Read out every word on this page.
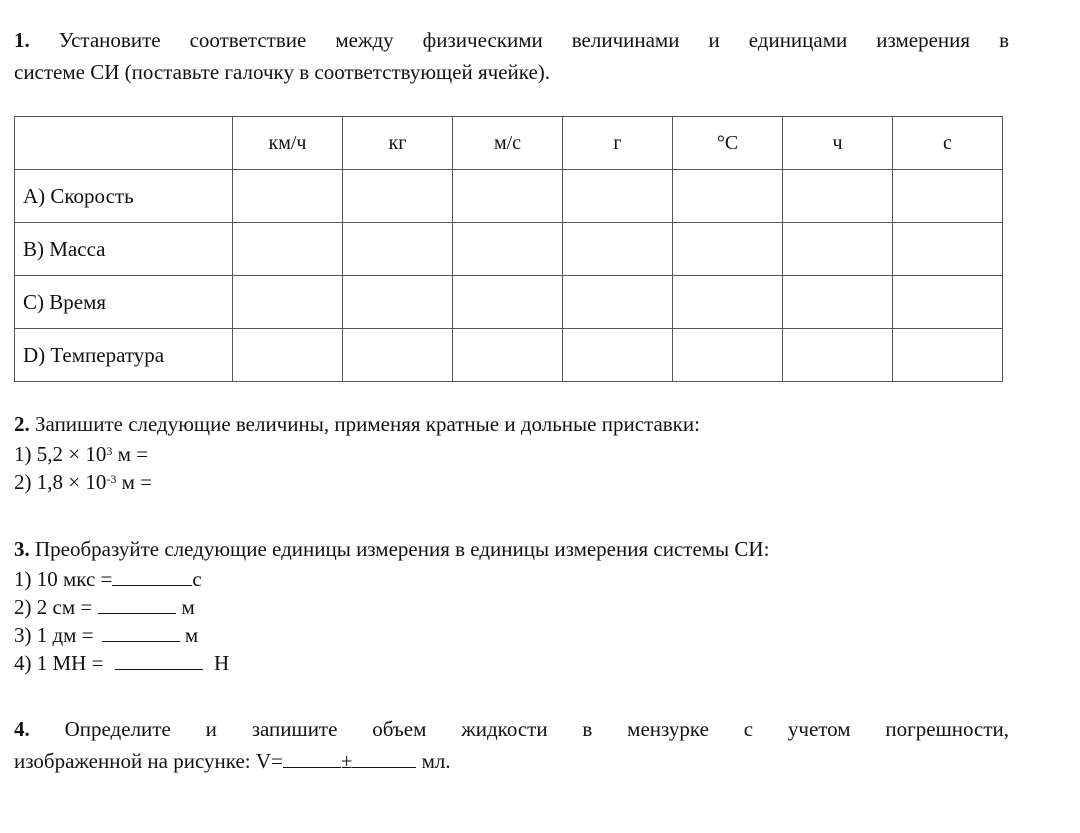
1. Установите соответствие между физическими величинами и единицами измерения в

системе СИ (поставьте галочку в соответствующей ячейке).

	км/ч	кг	м/с	г	°С	ч	с
А) Скорость							
В) Масса							
С) Время							
D) Температура							

2. Запишите следующие величины, применяя кратные и дольные приставки:

1) $5,2 \times 10^3$ м =
2) $1,8 \times 10^{-3}$ м =

3. Преобразуйте следующие единицы измерения в единицы измерения системы СИ:

1) 10 мкс =	с
2) 2 см =	м
3) 1 дм =	м
4) 1 МН =	Н

4. Определите и запишите объем жидкости в мензурке с учетом погрешности,

изображенной на рисунке: V=	±	мл.
